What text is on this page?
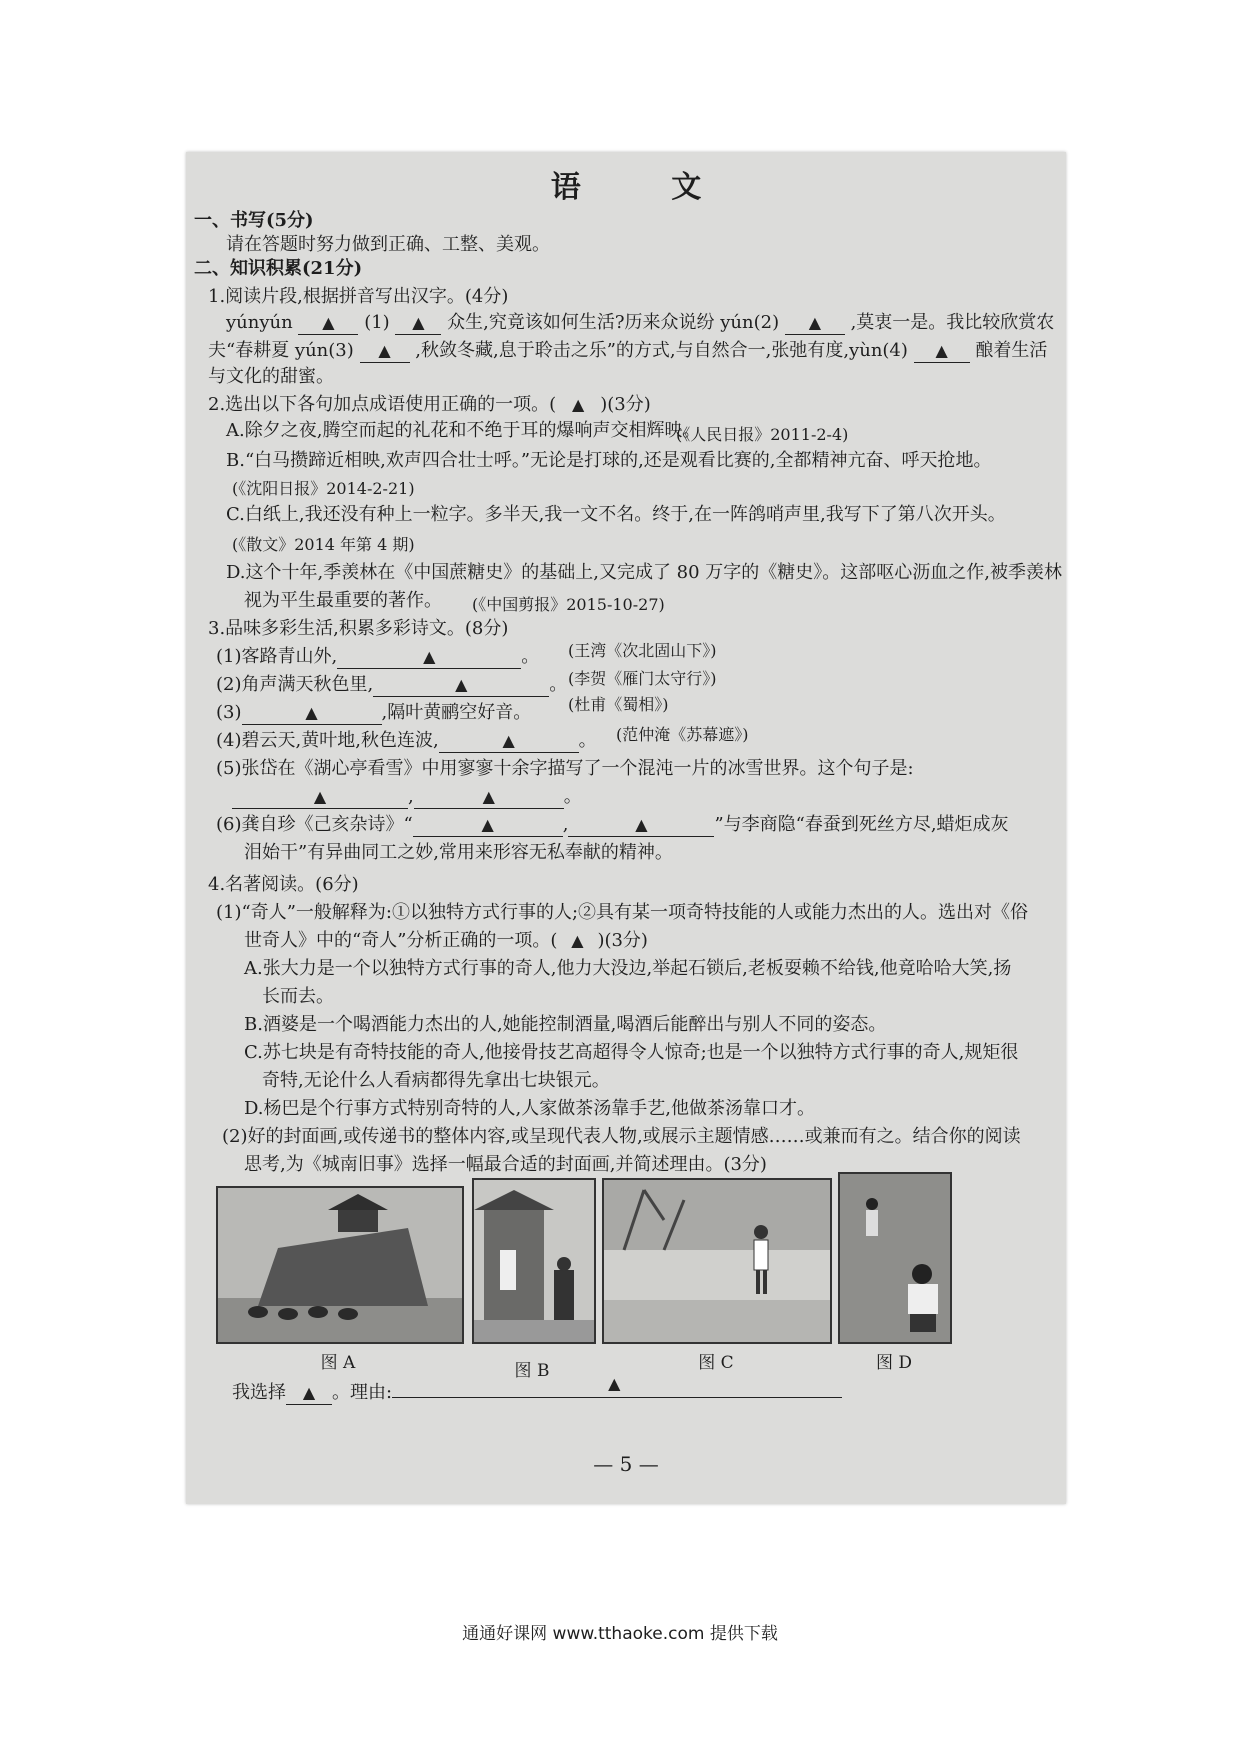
语 文
一、书写(5分)
请在答题时努力做到正确、工整、美观。
二、知识积累(21分)
1.阅读片段,根据拼音写出汉字。(4分)
yúnyún ▲ (1) ▲ 众生,究竟该如何生活?历来众说纷 yún(2) ▲ ,莫衷一是。我比较欣赏农
夫“春耕夏 yún(3) ▲ ,秋敛冬藏,息于聆击之乐”的方式,与自然合一,张弛有度,yùn(4) ▲ 酿着生活
与文化的甜蜜。
2.选出以下各句加点成语使用正确的一项。( ▲ )(3分)
A.除夕之夜,腾空而起的礼花和不绝于耳的爆响声交相辉映。
(《人民日报》2011-2-4)
B.“白马攒蹄近相映,欢声四合壮士呼。”无论是打球的,还是观看比赛的,全都精神亢奋、呼天抢地。
(《沈阳日报》2014-2-21)
C.白纸上,我还没有种上一粒字。多半天,我一文不名。终于,在一阵鸽哨声里,我写下了第八次开头。
(《散文》2014 年第 4 期)
D.这个十年,季羡林在《中国蔗糖史》的基础上,又完成了 80 万字的《糖史》。这部呕心沥血之作,被季羡林
视为平生最重要的著作。 (《中国剪报》2015-10-27)
3.品味多彩生活,积累多彩诗文。(8分)
(1)客路青山外,	▲	。 (王湾《次北固山下》)
(2)角声满天秋色里,	▲	。 (李贺《雁门太守行》)
(3)	▲	,隔叶黄鹂空好音。 (杜甫《蜀相》)
(4)碧云天,黄叶地,秋色连波,	▲	。 (范仲淹《苏幕遮》)
(5)张岱在《湖心亭看雪》中用寥寥十余字描写了一个混沌一片的冰雪世界。这个句子是:
▲	,	▲	。
(6)龚自珍《己亥杂诗》“	▲	,	▲	”与李商隐“春蚕到死丝方尽,蜡炬成灰
泪始干”有异曲同工之妙,常用来形容无私奉献的精神。
4.名著阅读。(6分)
(1)“奇人”一般解释为:①以独特方式行事的人;②具有某一项奇特技能的人或能力杰出的人。选出对《俗
世奇人》中的“奇人”分析正确的一项。( ▲ )(3分)
A.张大力是一个以独特方式行事的奇人,他力大没边,举起石锁后,老板耍赖不给钱,他竟哈哈大笑,扬
长而去。
B.酒婆是一个喝酒能力杰出的人,她能控制酒量,喝酒后能醉出与别人不同的姿态。
C.苏七块是有奇特技能的奇人,他接骨技艺高超得令人惊奇;也是一个以独特方式行事的奇人,规矩很
奇特,无论什么人看病都得先拿出七块银元。
D.杨巴是个行事方式特别奇特的人,人家做茶汤靠手艺,他做茶汤靠口才。
(2)好的封面画,或传递书的整体内容,或呈现代表人物,或展示主题情感……或兼而有之。结合你的阅读
思考,为《城南旧事》选择一幅最合适的封面画,并简述理由。(3分)
图 A	图 B	图 C	图 D
我选择 ▲ 。理由:	▲
— 5 —
通通好课网 www.tthaoke.com 提供下载
